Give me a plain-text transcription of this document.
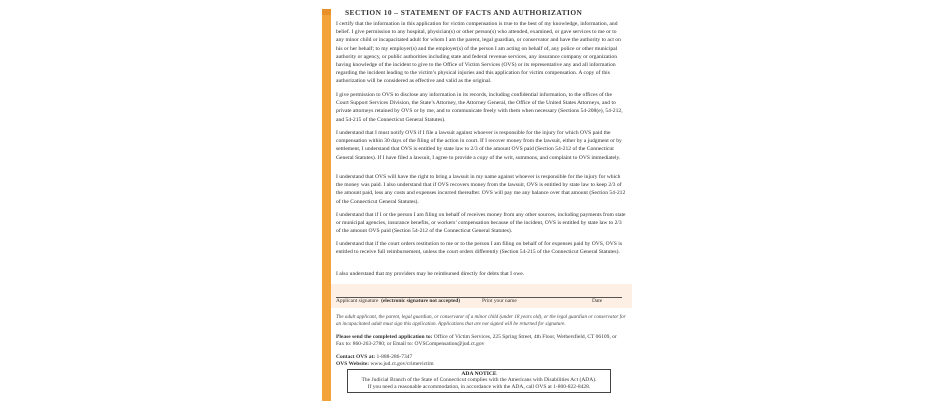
SECTION 10 – STATEMENT OF FACTS AND AUTHORIZATION

I certify that the information in this application for victim compensation is true to the best of my knowledge, information, and belief. I give permission to any hospital, physician(s) or other person(s) who attended, examined, or gave services to me or to any minor child or incapacitated adult for whom I am the parent, legal guardian, or conservator and have the authority to act on his or her behalf; to my employer(s) and the employer(s) of the person I am acting on behalf of, any police or other municipal authority or agency, or public authorities including state and federal revenue services, any insurance company or organization having knowledge of the incident to give to the Office of Victim Services (OVS) or its representative any and all information regarding the incident leading to the victim’s physical injuries and this application for victim compensation. A copy of this authorization will be considered as effective and valid as the original.

I give permission to OVS to disclose any information in its records, including confidential information, to the offices of the Court Support Services Division, the State’s Attorney, the Attorney General, the Office of the United States Attorneys, and to private attorneys retained by OVS or by me, and to communicate freely with them when necessary (Sections 54-208(e), 54-212, and 54-215 of the Connecticut General Statutes).

I understand that I must notify OVS if I file a lawsuit against whoever is responsible for the injury for which OVS paid the compensation within 30 days of the filing of the action in court. If I recover money from the lawsuit, either by a judgment or by settlement, I understand that OVS is entitled by state law to 2/3 of the amount OVS paid (Section 54-212 of the Connecticut General Statutes). If I have filed a lawsuit, I agree to provide a copy of the writ, summons, and complaint to OVS immediately.

I understand that OVS will have the right to bring a lawsuit in my name against whoever is responsible for the injury for which the money was paid. I also understand that if OVS recovers money from the lawsuit, OVS is entitled by state law to keep 2/3 of the amount paid, less any costs and expenses incurred thereafter. OVS will pay me any balance over that amount (Section 54-212 of the Connecticut General Statutes).

I understand that if I or the person I am filing on behalf of receives money from any other sources, including payments from state or municipal agencies, insurance benefits, or workers’ compensation because of the incident, OVS is entitled by state law to 2/3 of the amount OVS paid (Section 54-212 of the Connecticut General Statutes).

I understand that if the court orders restitution to me or to the person I am filing on behalf of for expenses paid by OVS, OVS is entitled to receive full reimbursement, unless the court orders differently (Section 54-215 of the Connecticut General Statutes).

I also understand that my providers may be reimbursed directly for debts that I owe.

Applicant signature (electronic signature not accepted)	Print your name	Date

The adult applicant, the parent, legal guardian, or conservator of a minor child (under 18 years old), or the legal guardian or conservator for an incapacitated adult must sign this application. Applications that are not signed will be returned for signature.

Please send the completed application to: Office of Victim Services, 225 Spring Street, 4th Floor, Wethersfield, CT 06109, or Fax to: 860-263-2780; or Email to: OVSCompensation@jud.ct.gov

Contact OVS at: 1-888-286-7347
OVS Website: www.jud.ct.gov/crimevictim

ADA NOTICE
The Judicial Branch of the State of Connecticut complies with the Americans with Disabilities Act (ADA).
If you need a reasonable accommodation, in accordance with the ADA, call OVS at 1-800-822-8428.
